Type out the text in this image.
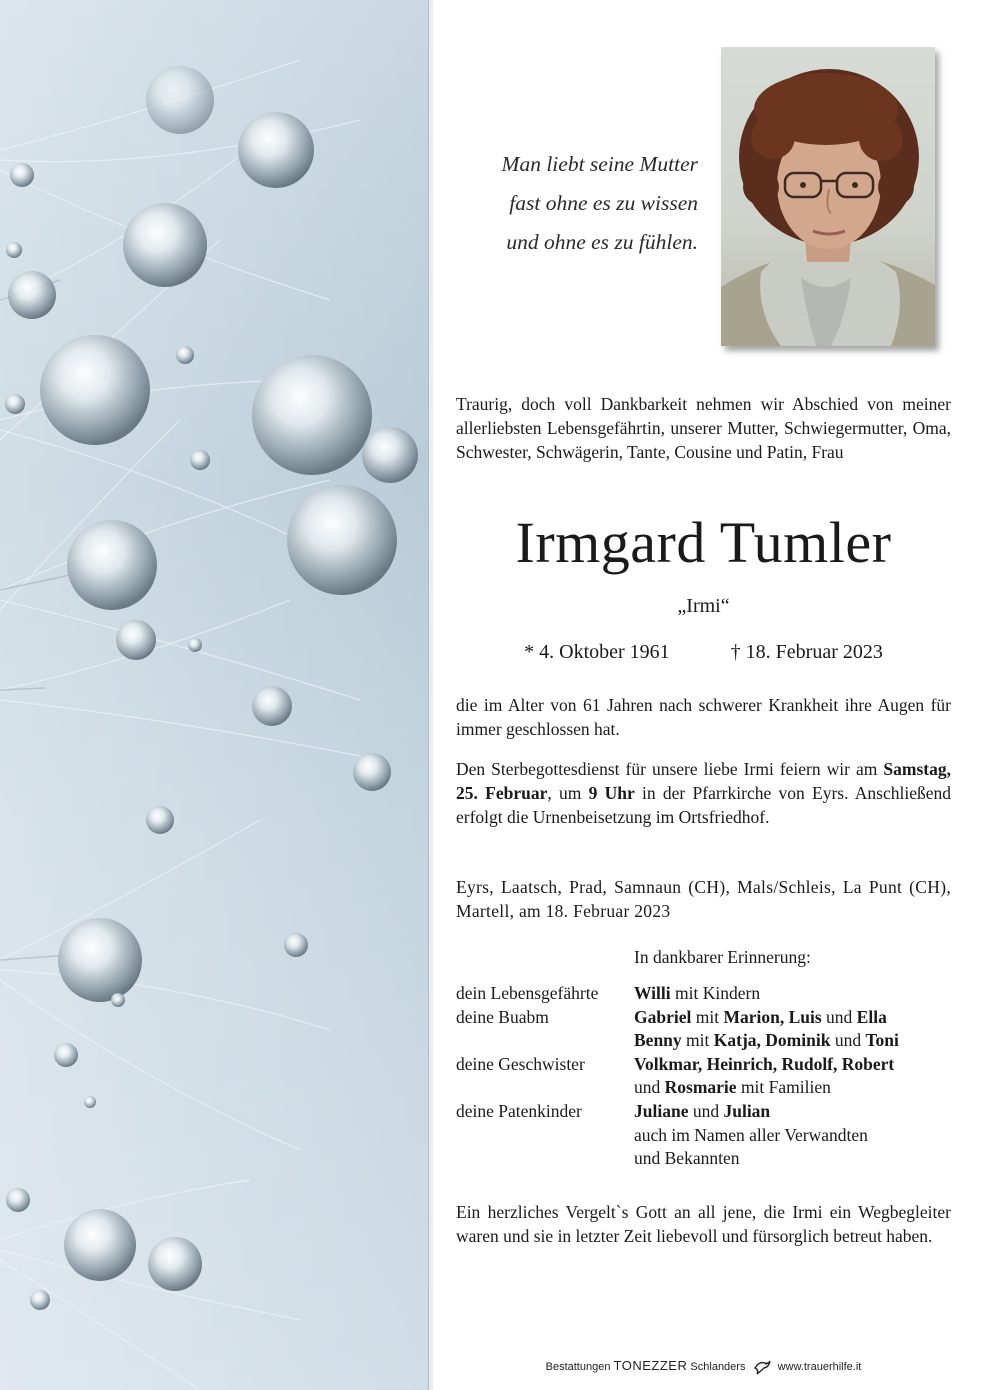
Man liebt seine Mutter
fast ohne es zu wissen
und ohne es zu fühlen.
Traurig, doch voll Dankbarkeit nehmen wir Abschied von meiner allerliebsten Lebensgefährtin, unserer Mutter, Schwiegermutter, Oma, Schwester, Schwägerin, Tante, Cousine und Patin, Frau
Irmgard Tumler
„Irmi“
* 4. Oktober 1961	† 18. Februar 2023
die im Alter von 61 Jahren nach schwerer Krankheit ihre Augen für immer geschlossen hat.
Den Sterbegottesdienst für unsere liebe Irmi feiern wir am Samstag, 25. Februar, um 9 Uhr in der Pfarrkirche von Eyrs. Anschließend erfolgt die Urnenbeisetzung im Ortsfriedhof.
Eyrs, Laatsch, Prad, Samnaun (CH), Mals/Schleis, La Punt (CH), Martell, am 18. Februar 2023
In dankbarer Erinnerung:
dein Lebensgefährte	Willi mit Kindern
deine Buabm	Gabriel mit Marion, Luis und Ella
Benny mit Katja, Dominik und Toni
deine Geschwister	Volkmar, Heinrich, Rudolf, Robert
und Rosmarie mit Familien
deine Patenkinder	Juliane und Julian
auch im Namen aller Verwandten
und Bekannten
Ein herzliches Vergelt`s Gott an all jene, die Irmi ein Wegbegleiter waren und sie in letzter Zeit liebevoll und fürsorglich betreut haben.
Bestattungen TONEZZER Schlanders	www.trauerhilfe.it
